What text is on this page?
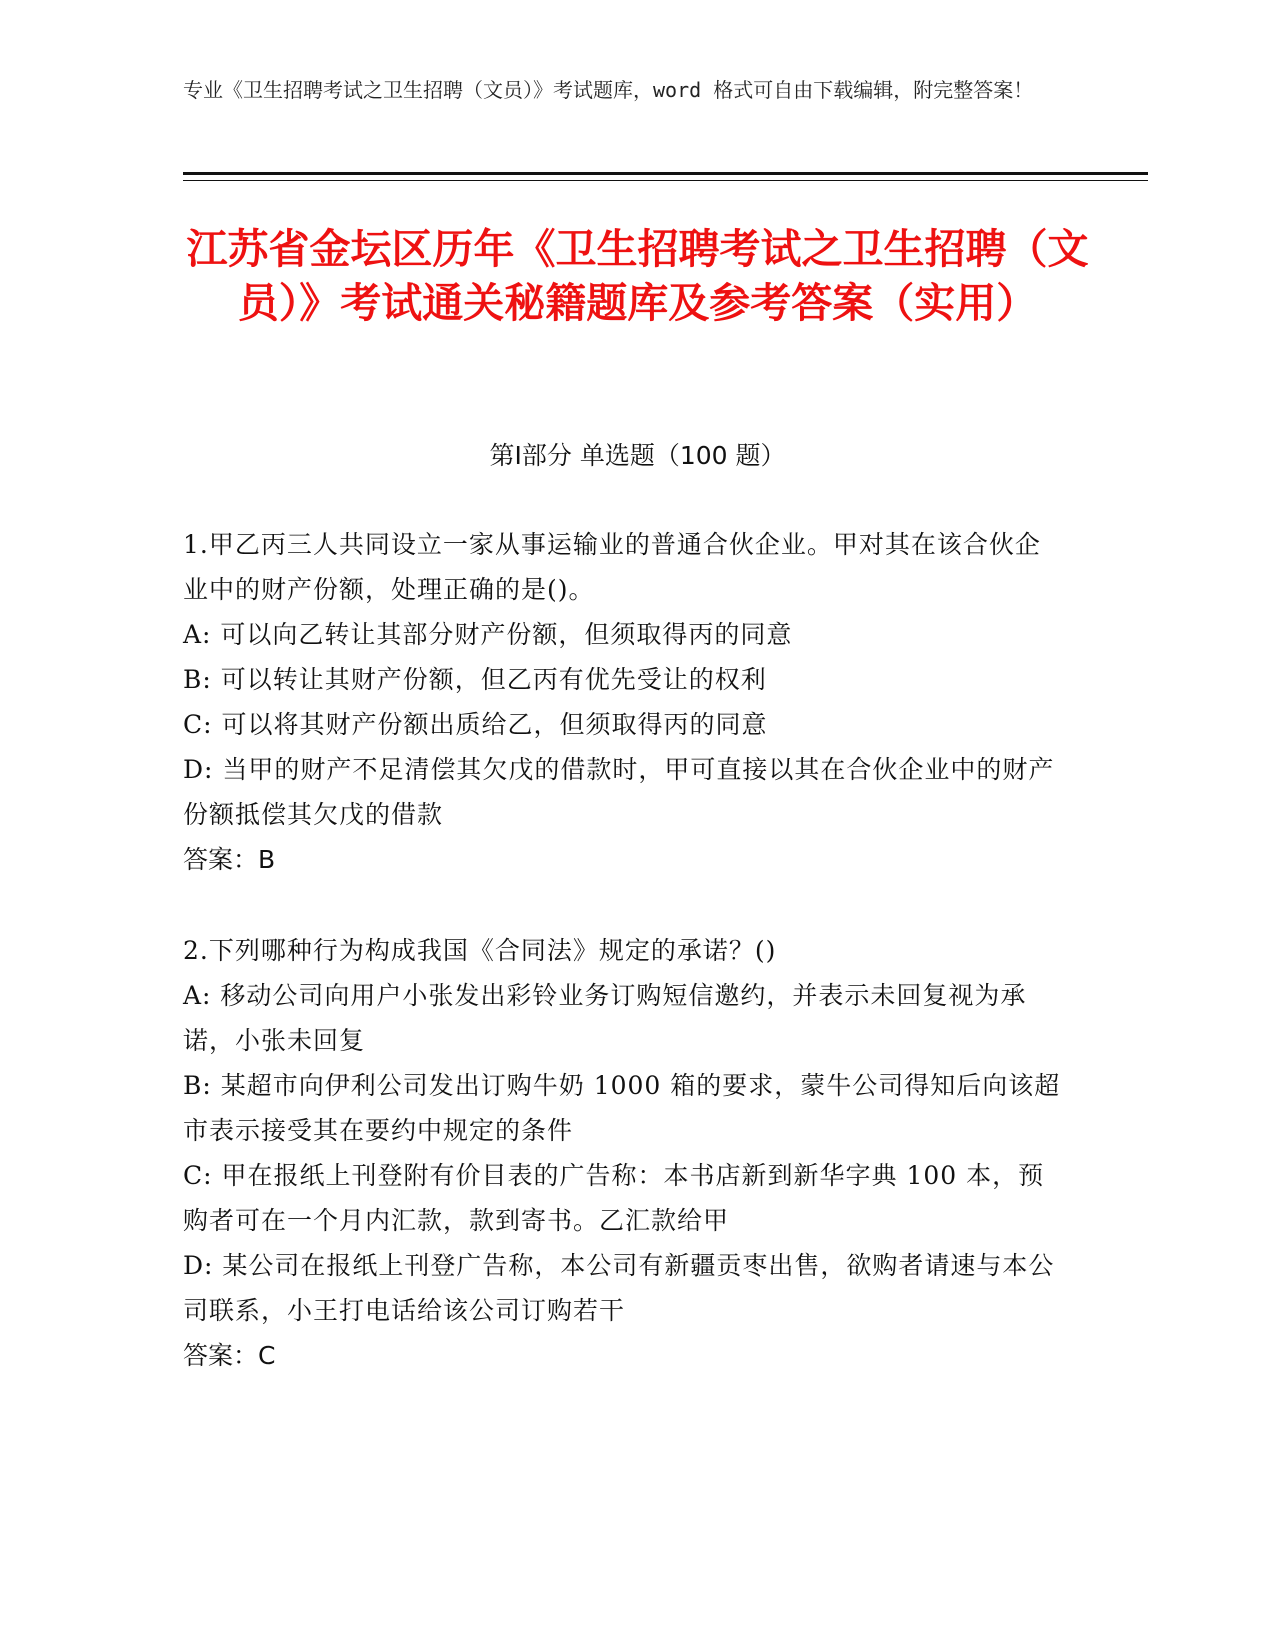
专业《卫生招聘考试之卫生招聘（文员）》考试题库，word 格式可自由下载编辑，附完整答案！
江苏省金坛区历年《卫生招聘考试之卫生招聘（文员）》考试通关秘籍题库及参考答案（实用）
第Ⅰ部分 单选题（100 题）
1.甲乙丙三人共同设立一家从事运输业的普通合伙企业。甲对其在该合伙企业中的财产份额，处理正确的是()。
A: 可以向乙转让其部分财产份额，但须取得丙的同意
B: 可以转让其财产份额，但乙丙有优先受让的权利
C: 可以将其财产份额出质给乙，但须取得丙的同意
D: 当甲的财产不足清偿其欠戊的借款时，甲可直接以其在合伙企业中的财产份额抵偿其欠戊的借款
答案：B
2.下列哪种行为构成我国《合同法》规定的承诺？()
A: 移动公司向用户小张发出彩铃业务订购短信邀约，并表示未回复视为承诺，小张未回复
B: 某超市向伊利公司发出订购牛奶 1000 箱的要求，蒙牛公司得知后向该超市表示接受其在要约中规定的条件
C: 甲在报纸上刊登附有价目表的广告称：本书店新到新华字典 100 本，预购者可在一个月内汇款，款到寄书。乙汇款给甲
D: 某公司在报纸上刊登广告称，本公司有新疆贡枣出售，欲购者请速与本公司联系，小王打电话给该公司订购若干
答案：C
